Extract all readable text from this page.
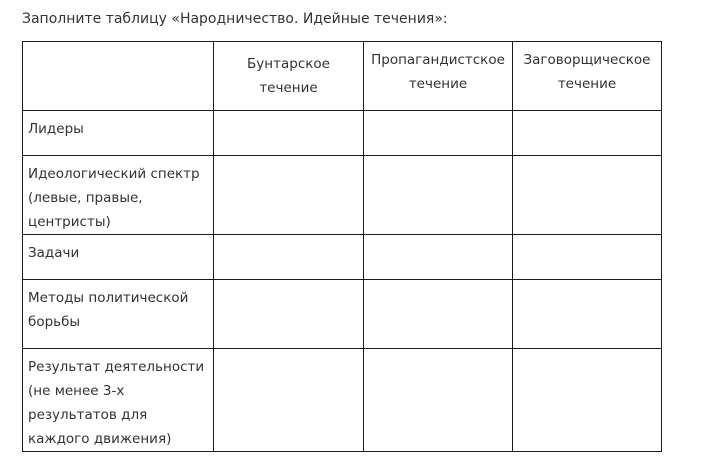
Заполните таблицу «Народничество. Идейные течения»:
	Бунтарское течение	Пропагандистское течение	Заговорщическое течение
Лидеры			
Идеологический спектр (левые, правые, центристы)			
Задачи			
Методы политической борьбы			
Результат деятельности (не менее 3-х результатов для каждого движения)			
